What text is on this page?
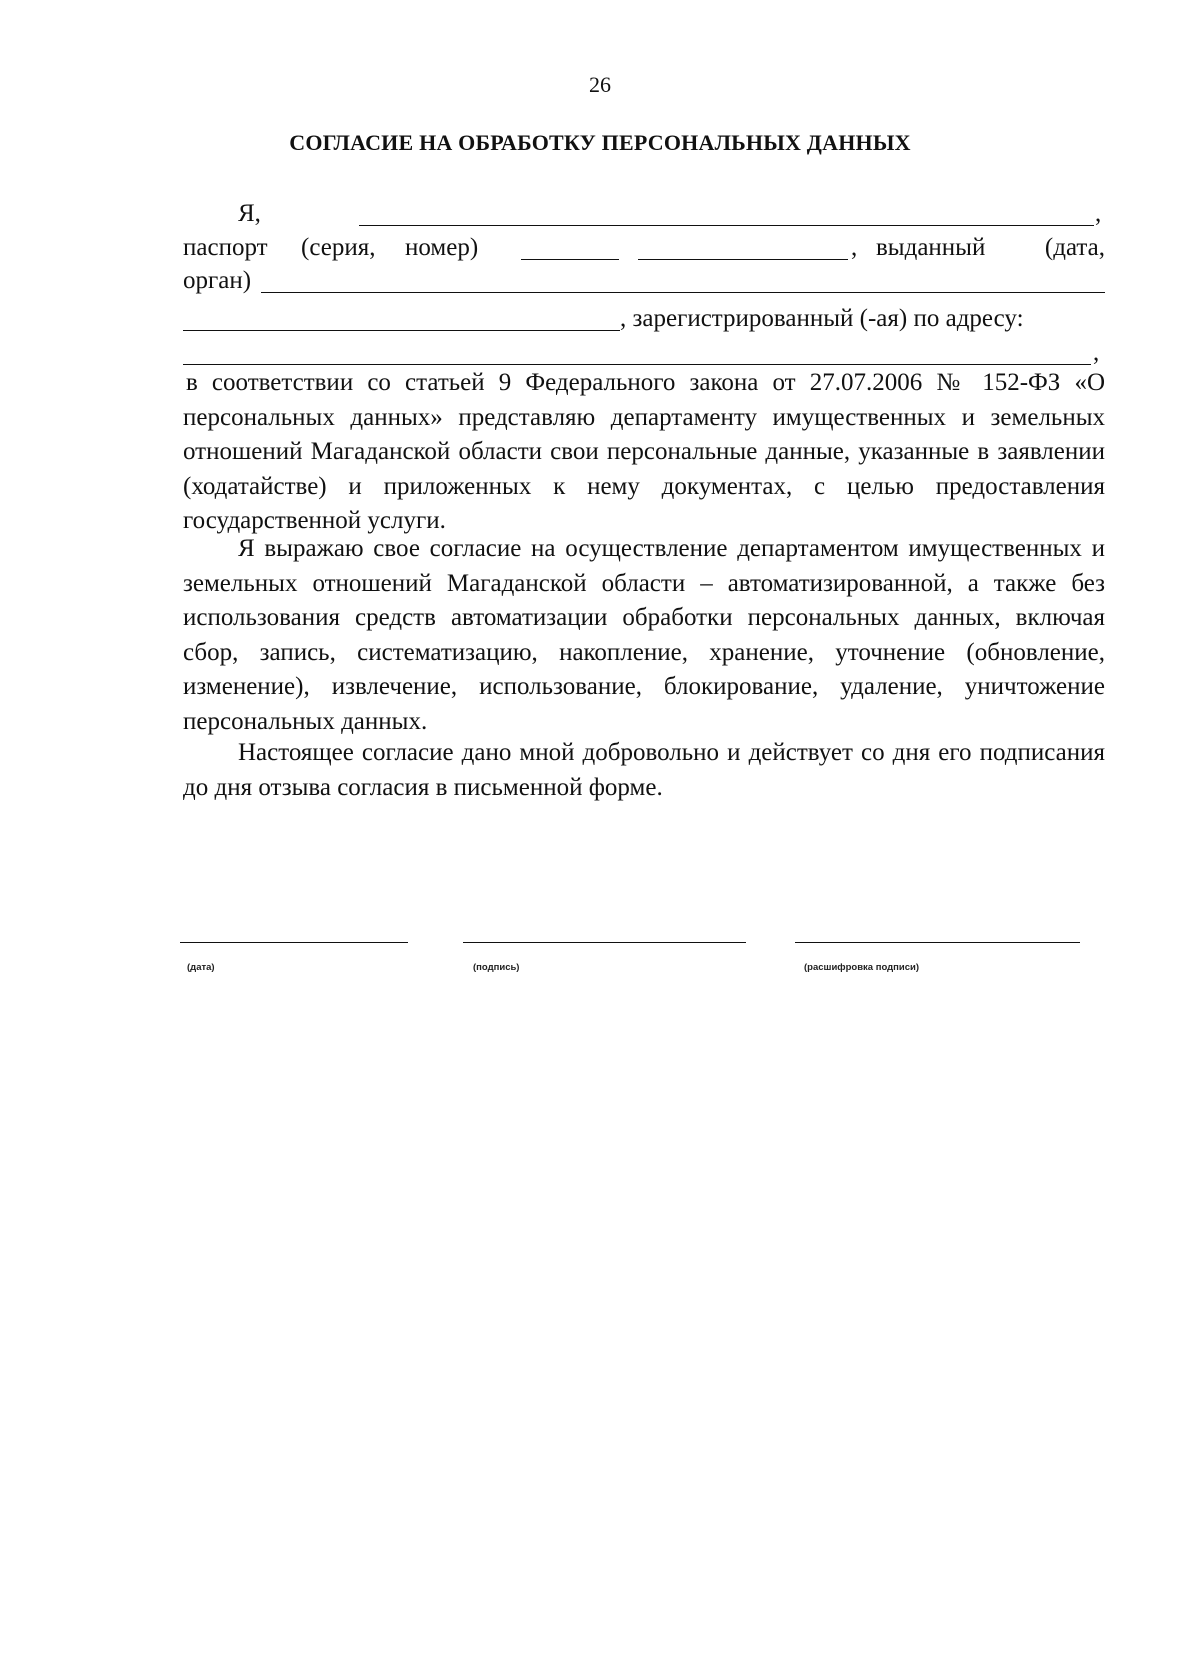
26
СОГЛАСИЕ НА ОБРАБОТКУ ПЕРСОНАЛЬНЫХ ДАННЫХ
Я,	,
паспорт (серия, номер)	, выданный (дата,
орган)
, зарегистрированный (-ая) по адресу:
,
в соответствии со статьей 9 Федерального закона от 27.07.2006 № 152-ФЗ «О персональных данных» представляю департаменту имущественных и земельных отношений Магаданской области свои персональные данные, указанные в заявлении (ходатайстве) и приложенных к нему документах, с целью предоставления государственной услуги.
Я выражаю свое согласие на осуществление департаментом имущественных и земельных отношений Магаданской области – автоматизированной, а также без использования средств автоматизации обработки персональных данных, включая сбор, запись, систематизацию, накопление, хранение, уточнение (обновление, изменение), извлечение, использование, блокирование, удаление, уничтожение персональных данных.
Настоящее согласие дано мной добровольно и действует со дня его подписания до дня отзыва согласия в письменной форме.
(дата)	(подпись)	(расшифровка подписи)
